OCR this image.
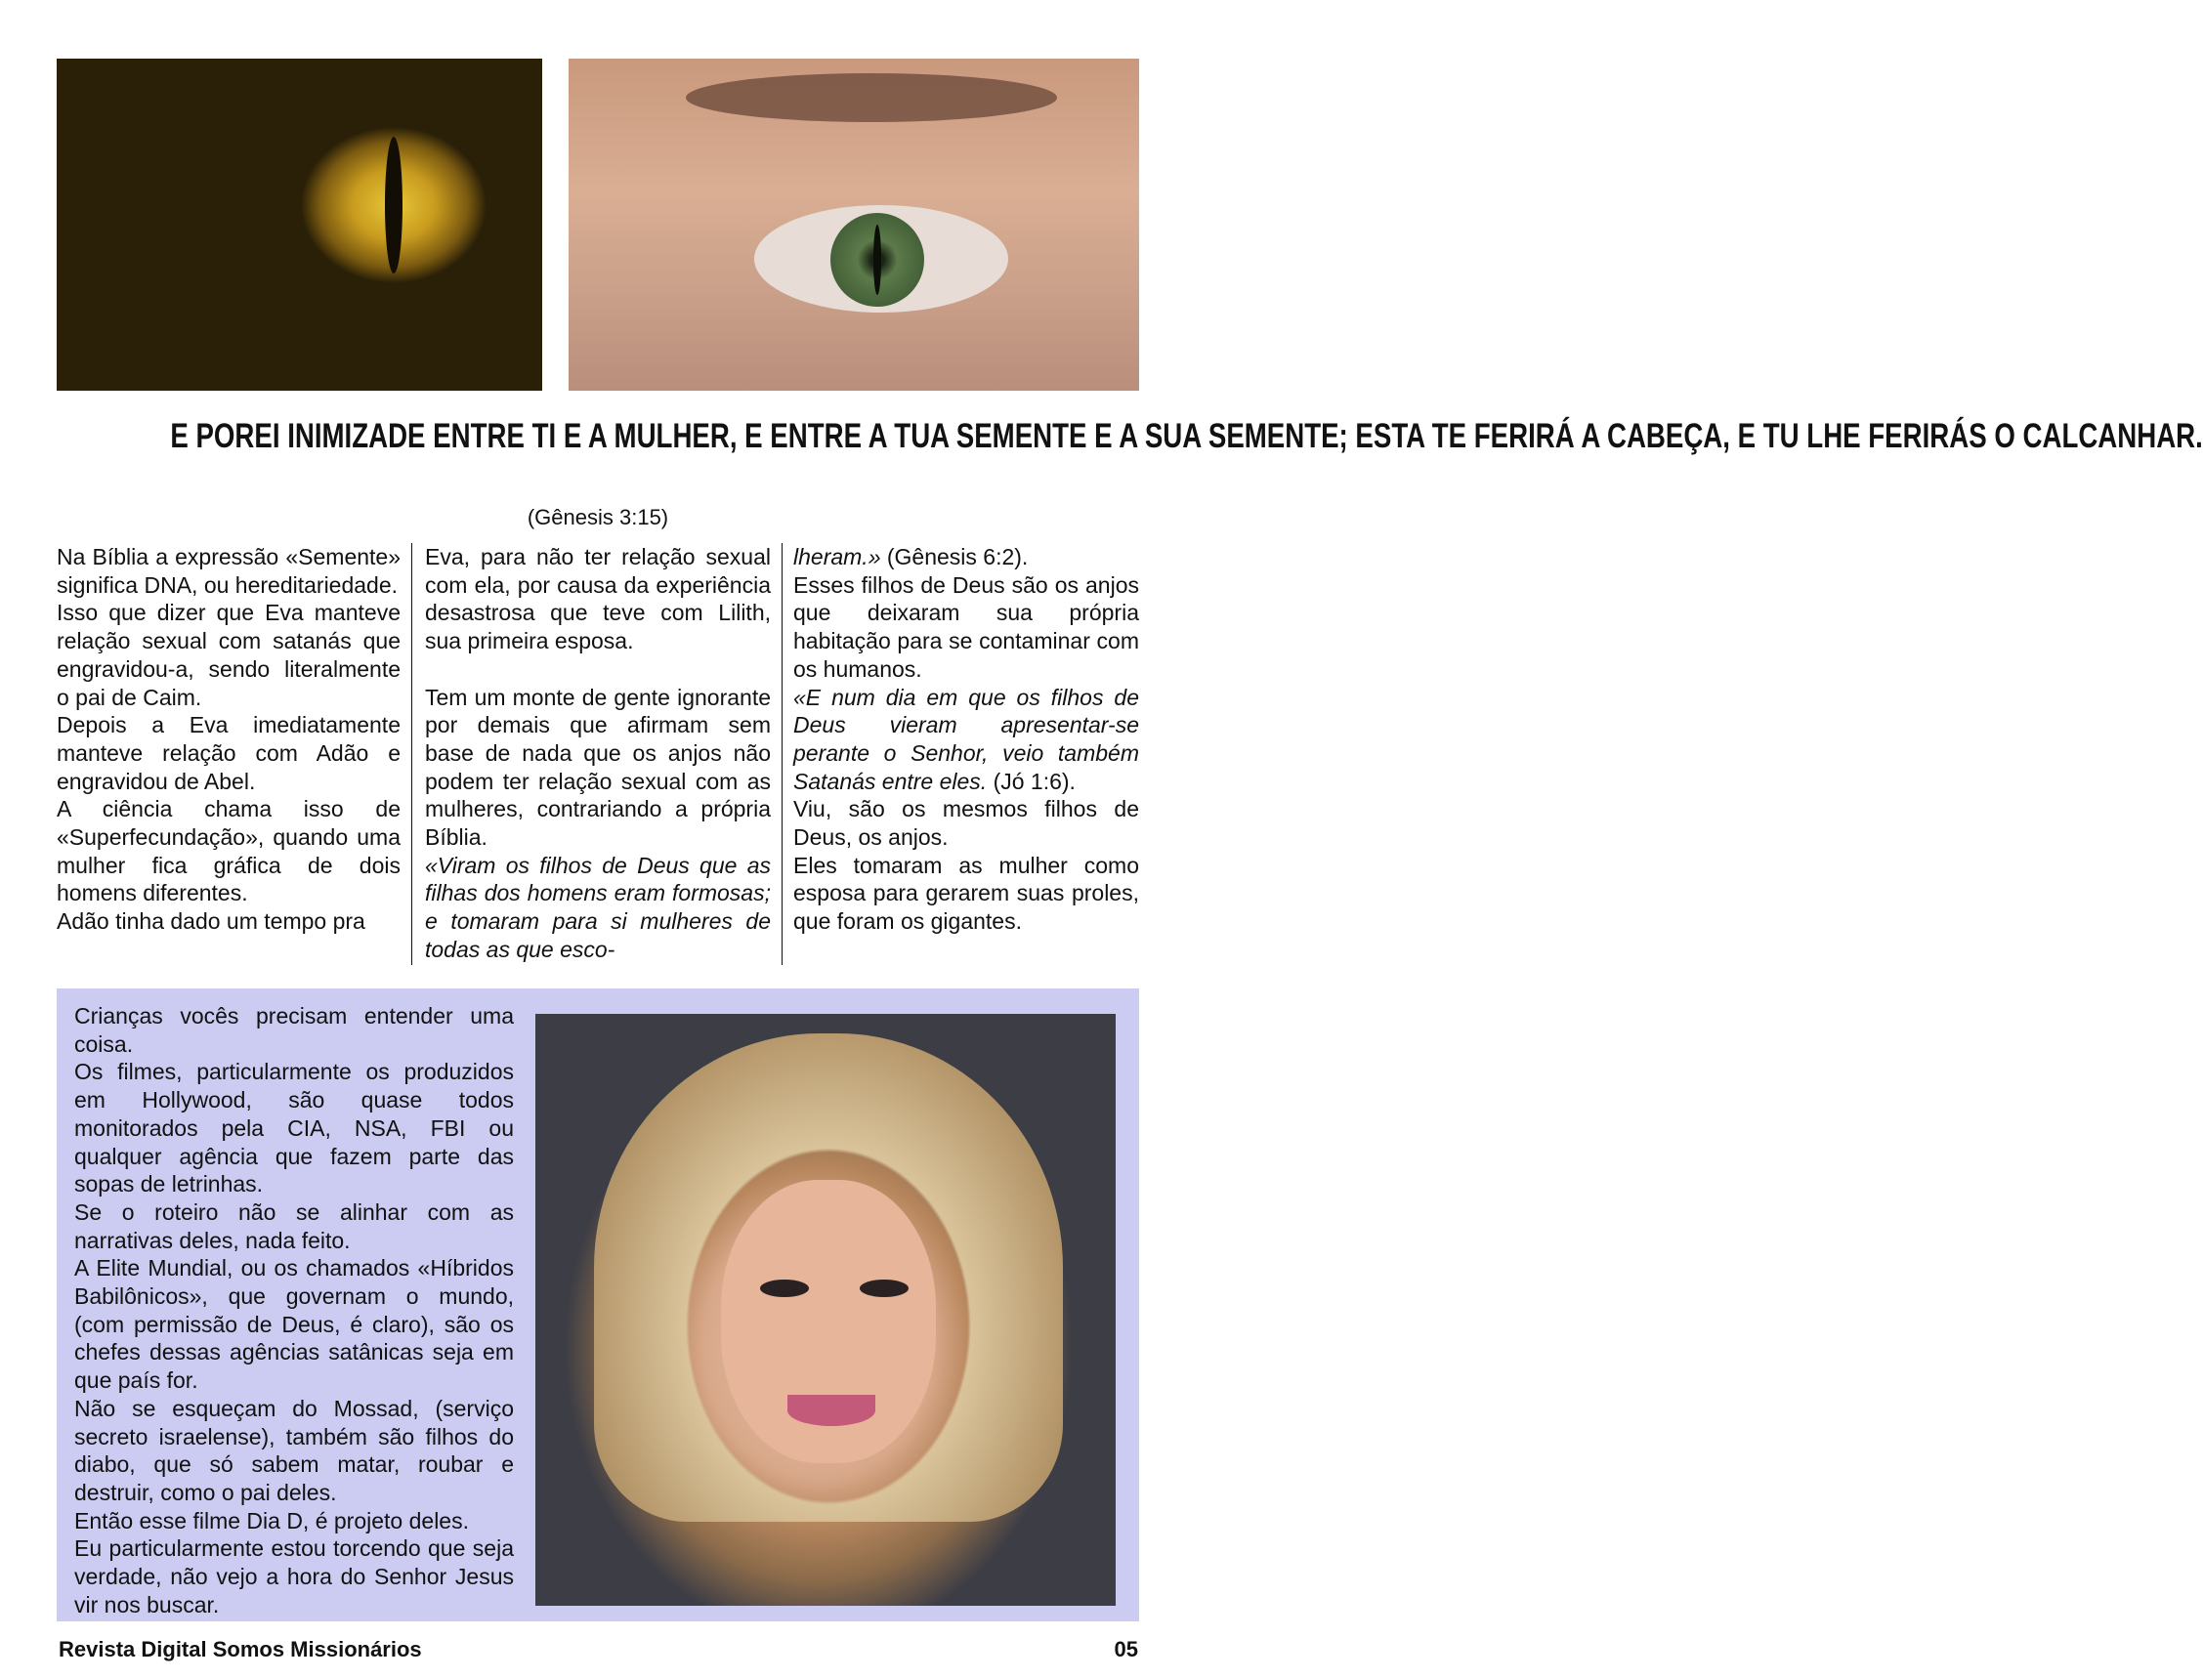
E POREI INIMIZADE ENTRE TI E A MULHER, E ENTRE A TUA SEMENTE E A SUA SEMENTE; ESTA TE FERIRÁ A CABEÇA, E TU LHE FERIRÁS O CALCANHAR.
(Gênesis 3:15)

Na Bíblia a expressão «Semente» significa DNA, ou hereditariedade.

Isso que dizer que Eva manteve relação sexual com satanás que engravidou-a, sendo literalmente o pai de Caim.

Depois a Eva imediatamente manteve relação com Adão e engravidou de Abel.

A ciência chama isso de «Superfecundação», quando uma mulher fica gráfica de dois homens diferentes.

Adão tinha dado um tempo pra

Eva, para não ter relação sexual com ela, por causa da experiência desastrosa que teve com Lilith, sua primeira esposa.

Tem um monte de gente ignorante por demais que afirmam sem base de nada que os anjos não podem ter relação sexual com as mulheres, contrariando a própria Bíblia.

«Viram os filhos de Deus que as filhas dos homens eram formosas; e tomaram para si mulheres de todas as que esco-

lheram.» (Gênesis 6:2).

Esses filhos de Deus são os anjos que deixaram sua própria habitação para se contaminar com os humanos.

«E num dia em que os filhos de Deus vieram apresentar-se perante o Senhor, veio também Satanás entre eles. (Jó 1:6).

Viu, são os mesmos filhos de Deus, os anjos.

Eles tomaram as mulher como esposa para gerarem suas proles, que foram os gigantes.

Crianças vocês precisam entender uma coisa.

Os filmes, particularmente os produzidos em Hollywood, são quase todos monitorados pela CIA, NSA, FBI ou qualquer agência que fazem parte das sopas de letrinhas.

Se o roteiro não se alinhar com as narrativas deles, nada feito.

A Elite Mundial, ou os chamados «Híbridos Babilônicos», que governam o mundo, (com permissão de Deus, é claro), são os chefes dessas agências satânicas seja em que país for.

Não se esqueçam do Mossad, (serviço secreto israelense), também são filhos do diabo, que só sabem matar, roubar e destruir, como o pai deles.

Então esse filme Dia D, é projeto deles.

Eu particularmente estou torcendo que seja verdade, não vejo a hora do Senhor Jesus vir nos buscar.

Revista Digital Somos Missionários	05
